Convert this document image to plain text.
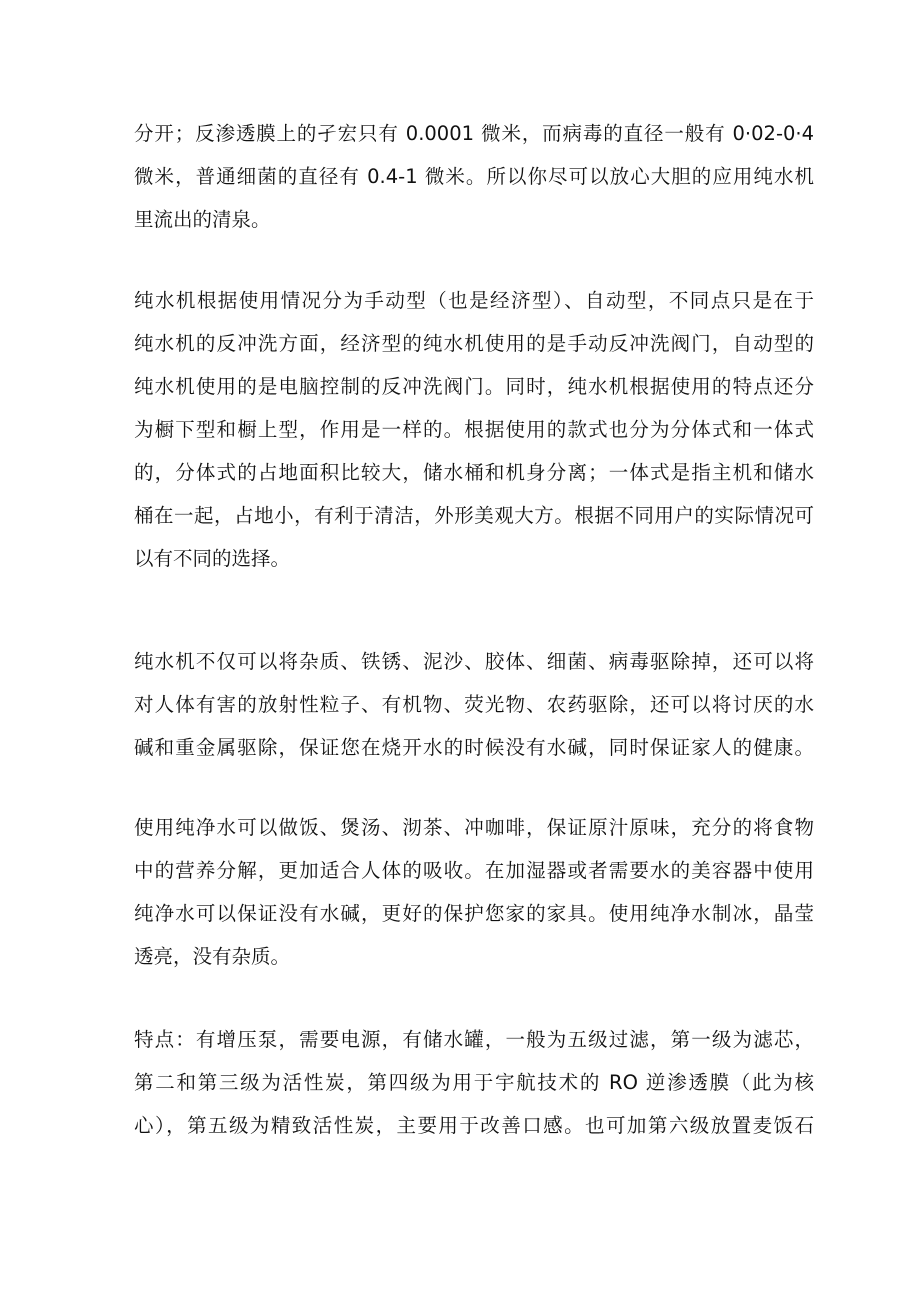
分开；反渗透膜上的孑宏只有 0.0001 微米，而病毒的直径一般有 0·02-0·4
微米，普通细菌的直径有 0.4-1 微米。所以你尽可以放心大胆的应用纯水机
里流出的清泉。
纯水机根据使用情况分为手动型（也是经济型）、自动型，不同点只是在于
纯水机的反冲洗方面，经济型的纯水机使用的是手动反冲洗阀门，自动型的
纯水机使用的是电脑控制的反冲洗阀门。同时，纯水机根据使用的特点还分
为橱下型和橱上型，作用是一样的。根据使用的款式也分为分体式和一体式
的，分体式的占地面积比较大，储水桶和机身分离；一体式是指主机和储水
桶在一起，占地小，有利于清洁，外形美观大方。根据不同用户的实际情况可
以有不同的选择。
纯水机不仅可以将杂质、铁锈、泥沙、胶体、细菌、病毒驱除掉，还可以将
对人体有害的放射性粒子、有机物、荧光物、农药驱除，还可以将讨厌的水
碱和重金属驱除，保证您在烧开水的时候没有水碱，同时保证家人的健康。
使用纯净水可以做饭、煲汤、沏茶、冲咖啡，保证原汁原味，充分的将食物
中的营养分解，更加适合人体的吸收。在加湿器或者需要水的美容器中使用
纯净水可以保证没有水碱，更好的保护您家的家具。使用纯净水制冰，晶莹
透亮，没有杂质。
特点：有增压泵，需要电源，有储水罐，一般为五级过滤，第一级为滤芯，
第二和第三级为活性炭，第四级为用于宇航技术的 RO 逆渗透膜（此为核
心），第五级为精致活性炭，主要用于改善口感。也可加第六级放置麦饭石
